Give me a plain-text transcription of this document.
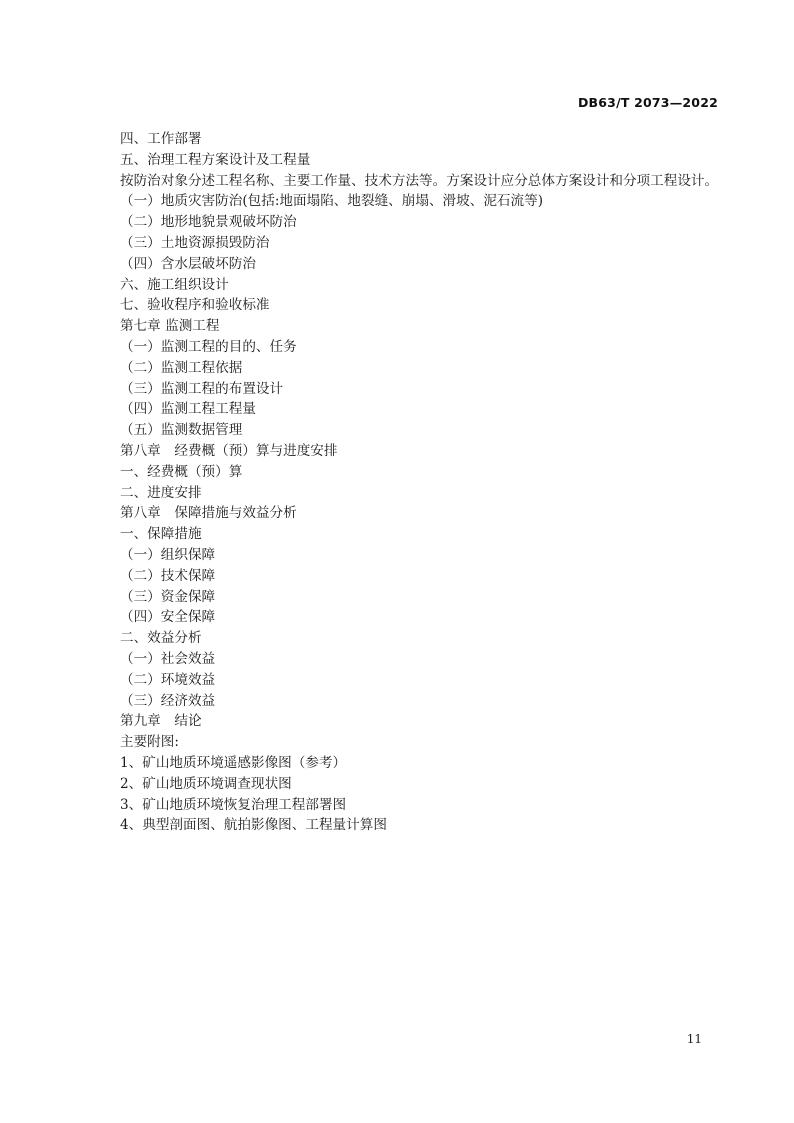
DB63/T 2073—2022
四、工作部署
五、治理工程方案设计及工程量
按防治对象分述工程名称、主要工作量、技术方法等。方案设计应分总体方案设计和分项工程设计。
（一）地质灾害防治(包括:地面塌陷、地裂缝、崩塌、滑坡、泥石流等)
（二）地形地貌景观破坏防治
（三）土地资源损毁防治
（四）含水层破坏防治
六、施工组织设计
七、验收程序和验收标准
第七章 监测工程
（一）监测工程的目的、任务
（二）监测工程依据
（三）监测工程的布置设计
（四）监测工程工程量
（五）监测数据管理
第八章　经费概（预）算与进度安排
一、经费概（预）算
二、进度安排
第八章　保障措施与效益分析
一、保障措施
（一）组织保障
（二）技术保障
（三）资金保障
（四）安全保障
二、效益分析
（一）社会效益
（二）环境效益
（三）经济效益
第九章　结论
主要附图:
1、矿山地质环境遥感影像图（参考）
2、矿山地质环境调查现状图
3、矿山地质环境恢复治理工程部署图
4、典型剖面图、航拍影像图、工程量计算图
11
